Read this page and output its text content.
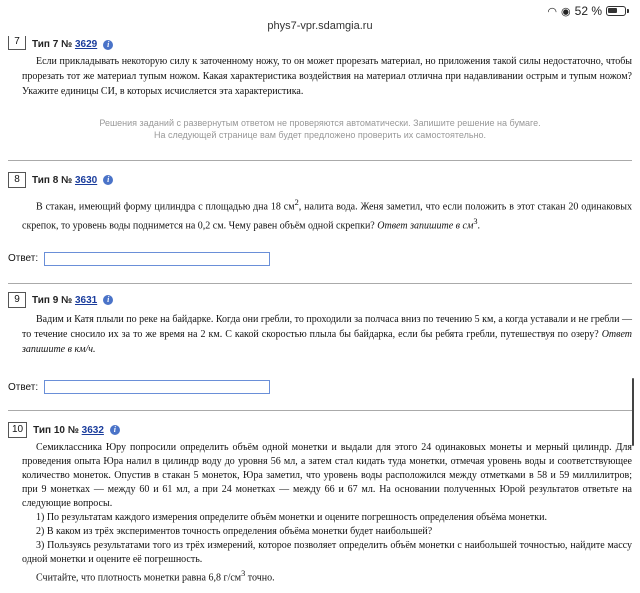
◠ ◉ 52 %
phys7-vpr.sdamgia.ru
7	Тип 7 № 3629	i

Если прикладывать некоторую силу к заточенному ножу, то он может прорезать материал, но приложения такой силы недостаточно, чтобы прорезать тот же материал тупым ножом. Какая характеристика воздействия на материал отлична при надавливании острым и тупым ножом? Укажите единицы СИ, в которых исчисляется эта характеристика.

Решения заданий с развернутым ответом не проверяются автоматически. Запишите решение на бумаге.
На следующей странице вам будет предложено проверить их самостоятельно.
8	Тип 8 № 3630	i

В стакан, имеющий форму цилиндра с площадью дна 18 $см^2$, налита вода. Женя заметил, что если положить в этот стакан 20 одинаковых скрепок, то уровень воды поднимется на 0,2 см. Чему равен объём одной скрепки? Ответ запишите в $см^3$.

Ответ:
9	Тип 9 № 3631	i

Вадим и Катя плыли по реке на байдарке. Когда они гребли, то проходили за полчаса вниз по течению 5 км, а когда уставали и не гребли — то течение сносило их за то же время на 2 км. С какой скоростью плыла бы байдарка, если бы ребята гребли, путешествуя по озеру? Ответ запишите в км/ч.

Ответ:
10	Тип 10 № 3632	i

Семиклассника Юру попросили определить объём одной монетки и выдали для этого 24 одинаковых монеты и мерный цилиндр. Для проведения опыта Юра налил в цилиндр воду до уровня 56 мл, а затем стал кидать туда монетки, отмечая уровень воды и соответствующее количество монеток. Опустив в стакан 5 монеток, Юра заметил, что уровень воды расположился между отметками в 58 и 59 миллилитров; при 9 монетках — между 60 и 61 мл, а при 24 монетках — между 66 и 67 мл. На основании полученных Юрой результатов ответьте на следующие вопросы.

1) По результатам каждого измерения определите объём монетки и оцените погрешность определения объёма монетки.

2) В каком из трёх экспериментов точность определения объёма монетки будет наибольшей?

3) Пользуясь результатами того из трёх измерений, которое позволяет определить объём монетки с наибольшей точностью, найдите массу одной монетки и оцените её погрешность.

Считайте, что плотность монетки равна 6,8 $г/см^3$ точно.
